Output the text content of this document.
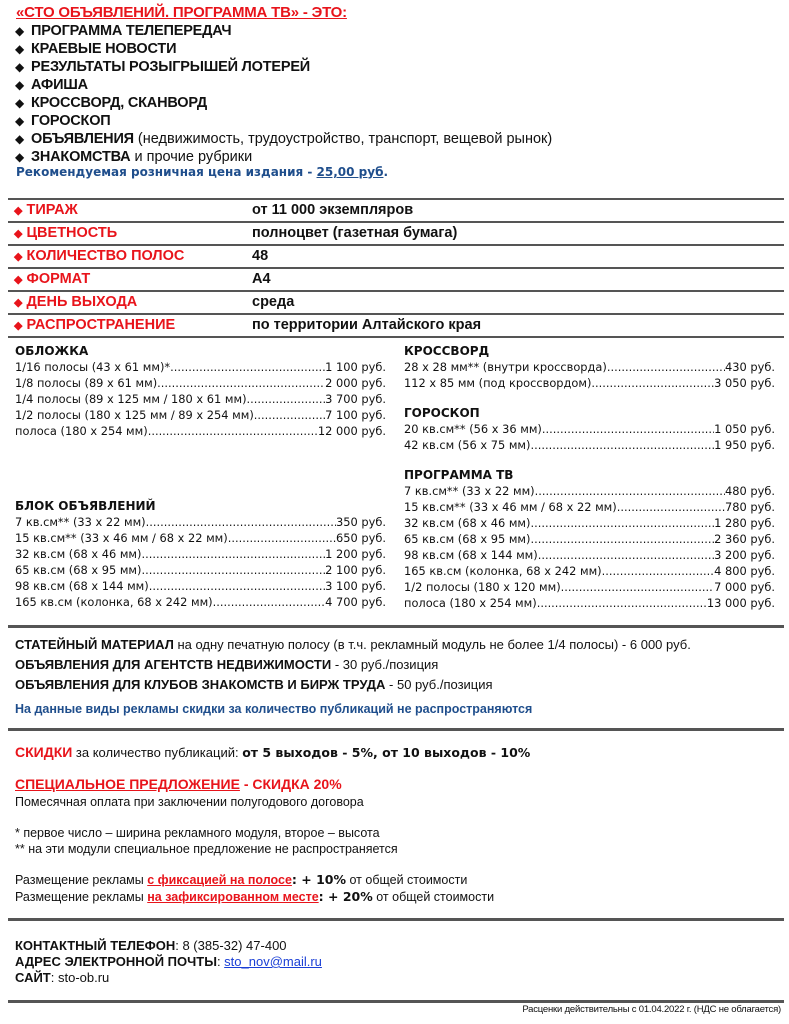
«СТО ОБЪЯВЛЕНИЙ. ПРОГРАММА ТВ» - ЭТО:
◆ ПРОГРАММА ТЕЛЕПЕРЕДАЧ
◆ КРАЕВЫЕ НОВОСТИ
◆ РЕЗУЛЬТАТЫ РОЗЫГРЫШЕЙ ЛОТЕРЕЙ
◆ АФИША
◆ КРОССВОРД, СКАНВОРД
◆ ГОРОСКОП
◆ ОБЪЯВЛЕНИЯ (недвижимость, трудоустройство, транспорт, вещевой рынок)
◆ ЗНАКОМСТВА и прочие рубрики
Рекомендуемая розничная цена издания - 25,00 руб.
◆ ТИРАЖ	от 11 000 экземпляров
◆ ЦВЕТНОСТЬ	полноцвет (газетная бумага)
◆ КОЛИЧЕСТВО ПОЛОС	48
◆ ФОРМАТ	А4
◆ ДЕНЬ ВЫХОДА	среда
◆ РАСПРОСТРАНЕНИЕ	по территории Алтайского края
ОБЛОЖКА
1/16 полосы (43 x 61 мм)* .....	1 100 руб.
1/8 полосы (89 x 61 мм) .....	2 000 руб.
1/4 полосы (89 x 125 мм / 180 x 61 мм) .....	3 700 руб.
1/2 полосы (180 x 125 мм / 89 x 254 мм) .....	7 100 руб.
полоса (180 x 254 мм) .....	12 000 руб.
БЛОК ОБЪЯВЛЕНИЙ
7 кв.см** (33 x 22 мм) .....	350 руб.
15 кв.см** (33 x 46 мм / 68 x 22 мм) .....	650 руб.
32 кв.см (68 x 46 мм) .....	1 200 руб.
65 кв.см (68 x 95 мм) .....	2 100 руб.
98 кв.см (68 x 144 мм) .....	3 100 руб.
165 кв.см (колонка, 68 x 242 мм) .....	4 700 руб.
КРОССВОРД
28 x 28 мм** (внутри кроссворда) .....	430 руб.
112 x 85 мм (под кроссвордом) .....	3 050 руб.
ГОРОСКОП
20 кв.см** (56 x 36 мм) .....	1 050 руб.
42 кв.см (56 x 75 мм) .....	1 950 руб.
ПРОГРАММА ТВ
7 кв.см** (33 x 22 мм) .....	480 руб.
15 кв.см** (33 x 46 мм / 68 x 22 мм) .....	780 руб.
32 кв.см (68 x 46 мм) .....	1 280 руб.
65 кв.см (68 x 95 мм) .....	2 360 руб.
98 кв.см (68 x 144 мм) .....	3 200 руб.
165 кв.см (колонка, 68 x 242 мм) .....	4 800 руб.
1/2 полосы (180 x 120 мм) .....	7 000 руб.
полоса (180 x 254 мм) .....	13 000 руб.
СТАТЕЙНЫЙ МАТЕРИАЛ на одну печатную полосу (в т.ч. рекламный модуль не более 1/4 полосы) - 6 000 руб.
ОБЪЯВЛЕНИЯ ДЛЯ АГЕНТСТВ НЕДВИЖИМОСТИ - 30 руб./позиция
ОБЪЯВЛЕНИЯ ДЛЯ КЛУБОВ ЗНАКОМСТВ И БИРЖ ТРУДА - 50 руб./позиция
На данные виды рекламы скидки за количество публикаций не распространяются
СКИДКИ за количество публикаций: от 5 выходов - 5%, от 10 выходов - 10%
СПЕЦИАЛЬНОЕ ПРЕДЛОЖЕНИЕ - СКИДКА 20%
Помесячная оплата при заключении полугодового договора
* первое число – ширина рекламного модуля, второе – высота
** на эти модули специальное предложение не распространяется
Размещение рекламы с фиксацией на полосе: + 10% от общей стоимости
Размещение рекламы на зафиксированном месте: + 20% от общей стоимости
КОНТАКТНЫЙ ТЕЛЕФОН: 8 (385-32) 47-400
АДРЕС ЭЛЕКТРОННОЙ ПОЧТЫ: sto_nov@mail.ru
САЙТ: sto-ob.ru
Расценки действительны с 01.04.2022 г. (НДС не облагается)
